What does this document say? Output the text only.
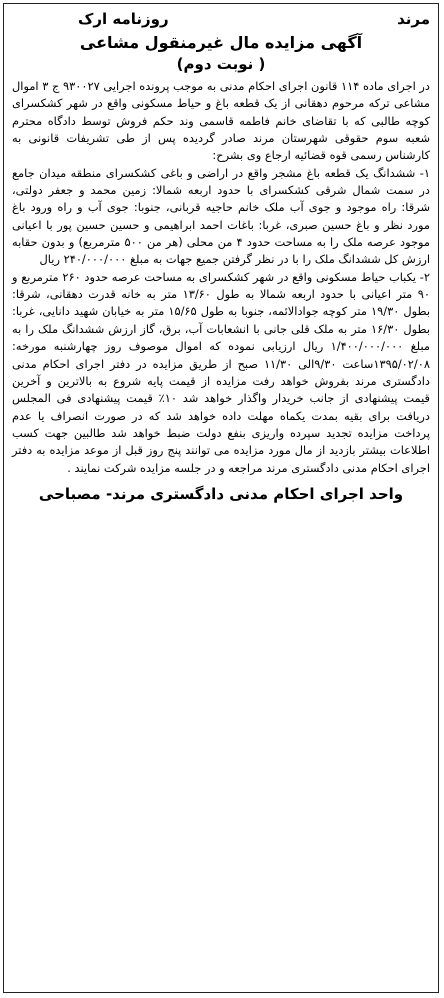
مرند
روزنامه ارک
آگهی مزایده مال غیرمنقول مشاعی
( نوبت دوم)

در اجرای ماده ۱۱۴ قانون اجرای احکام مدنی به موجب پرونده اجرایی ۹۳۰۰۲۷ ج ۳ اموال مشاعی ترکه مرحوم دهقانی از یک قطعه باغ و حیاط مسکونی واقع در شهر کشکسرای کوچه طالبی که با تقاضای خانم فاطمه قاسمی وند حکم فروش توسط دادگاه محترم شعبه سوم حقوقی شهرستان مرند صادر گردیده پس از طی تشریفات قانونی به کارشناس رسمی قوه قضائیه ارجاع وی بشرح:

۱- ششدانگ یک قطعه باغ مشجر واقع در اراضی و باغی کشکسرای منطقه میدان جامع در سمت شمال شرقی کشکسرای با حدود اربعه شمالا: زمین محمد و جعفر دولتی، شرقا: راه موجود و جوی آب ملک خانم حاجیه قربانی، جنوبا: جوی آب و راه ورود باغ مورد نظر و باغ حسین صبری، غربا: باغات احمد ابراهیمی و حسین حسین پور با اعیانی موجود عرصه ملک را به مساحت حدود ۴ من محلی (هر من ۵۰۰ مترمربع) و بدون حقابه ارزش کل ششدانگ ملک را با در نظر گرفتن جمیع جهات به مبلغ ۲۴۰/۰۰۰/۰۰۰ ریال

۲- یکباب حیاط مسکونی واقع در شهر کشکسرای به مساحت عرصه حدود ۲۶۰ مترمربع و ۹۰ متر اعیانی با حدود اربعه شمالا به طول ۱۳/۶۰ متر به خانه قدرت دهقانی، شرقا: بطول ۱۹/۳۰ متر کوچه جوادالائمه، جنوبا به طول ۱۵/۶۵ متر به خیابان شهید دانایی، غربا: بطول ۱۶/۳۰ متر به ملک قلی جانی با انشعابات آب، برق، گاز ارزش ششدانگ ملک را به مبلغ ۱/۴۰۰/۰۰۰/۰۰۰ ریال ارزیابی نموده که اموال موصوف روز چهارشنبه مورخه: ۱۳۹۵/۰۲/۰۸ساعت ۹/۳۰الی ۱۱/۳۰ صبح از طریق مزایده در دفتر اجرای احکام مدنی دادگستری مرند بفروش خواهد رفت مزایده از قیمت پایه شروع به بالاترین و آخرین قیمت پیشنهادی از جانب خریدار واگذار خواهد شد ۱۰٪ قیمت پیشنهادی فی المجلس دریافت برای بقیه بمدت یکماه مهلت داده خواهد شد که در صورت انصراف یا عدم پرداخت مزایده تجدید سپرده واریزی بنفع دولت ضبط خواهد شد طالبین جهت کسب اطلاعات بیشتر بازدید از مال مورد مزایده می توانند پنج روز قبل از موعد مزایده به دفتر اجرای احکام مدنی دادگستری مرند مراجعه و در جلسه مزایده شرکت نمایند .

واحد اجرای احکام مدنی دادگستری مرند- مصباحی
